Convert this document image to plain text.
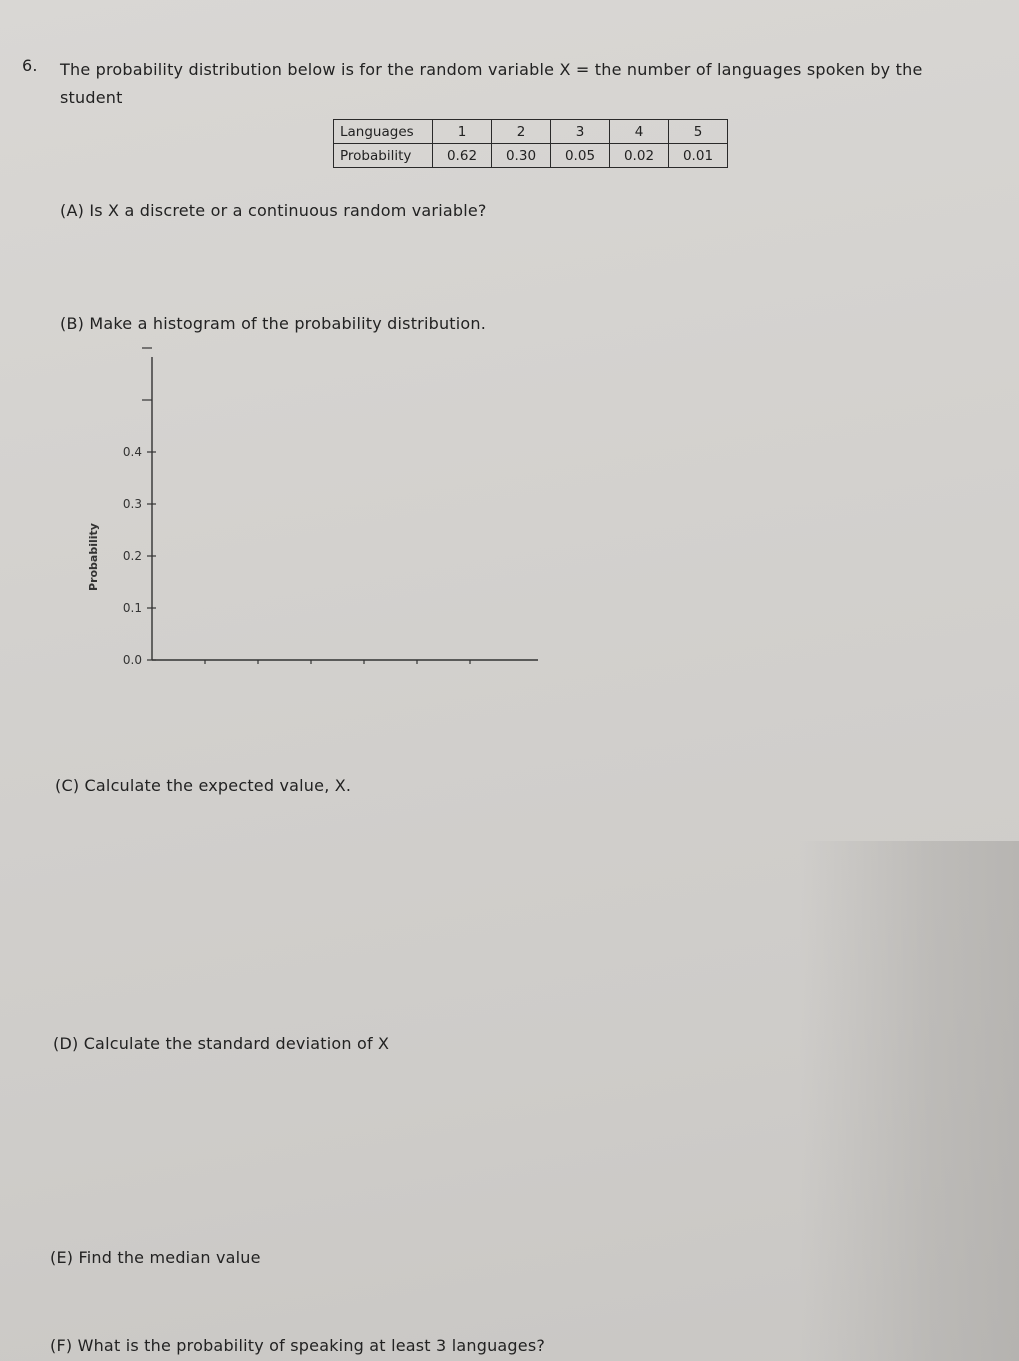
6. The probability distribution below is for the random variable X = the number of languages spoken by the student
Languages	1	2	3	4	5
Probability	0.62	0.30	0.05	0.02	0.01
(A) Is X a discrete or a continuous random variable?
(B) Make a histogram of the probability distribution.
0.0
0.1
0.2
0.3
0.4
Probability
(C) Calculate the expected value, X.
(D) Calculate the standard deviation of X
(E) Find the median value
(F) What is the probability of speaking at least 3 languages?
